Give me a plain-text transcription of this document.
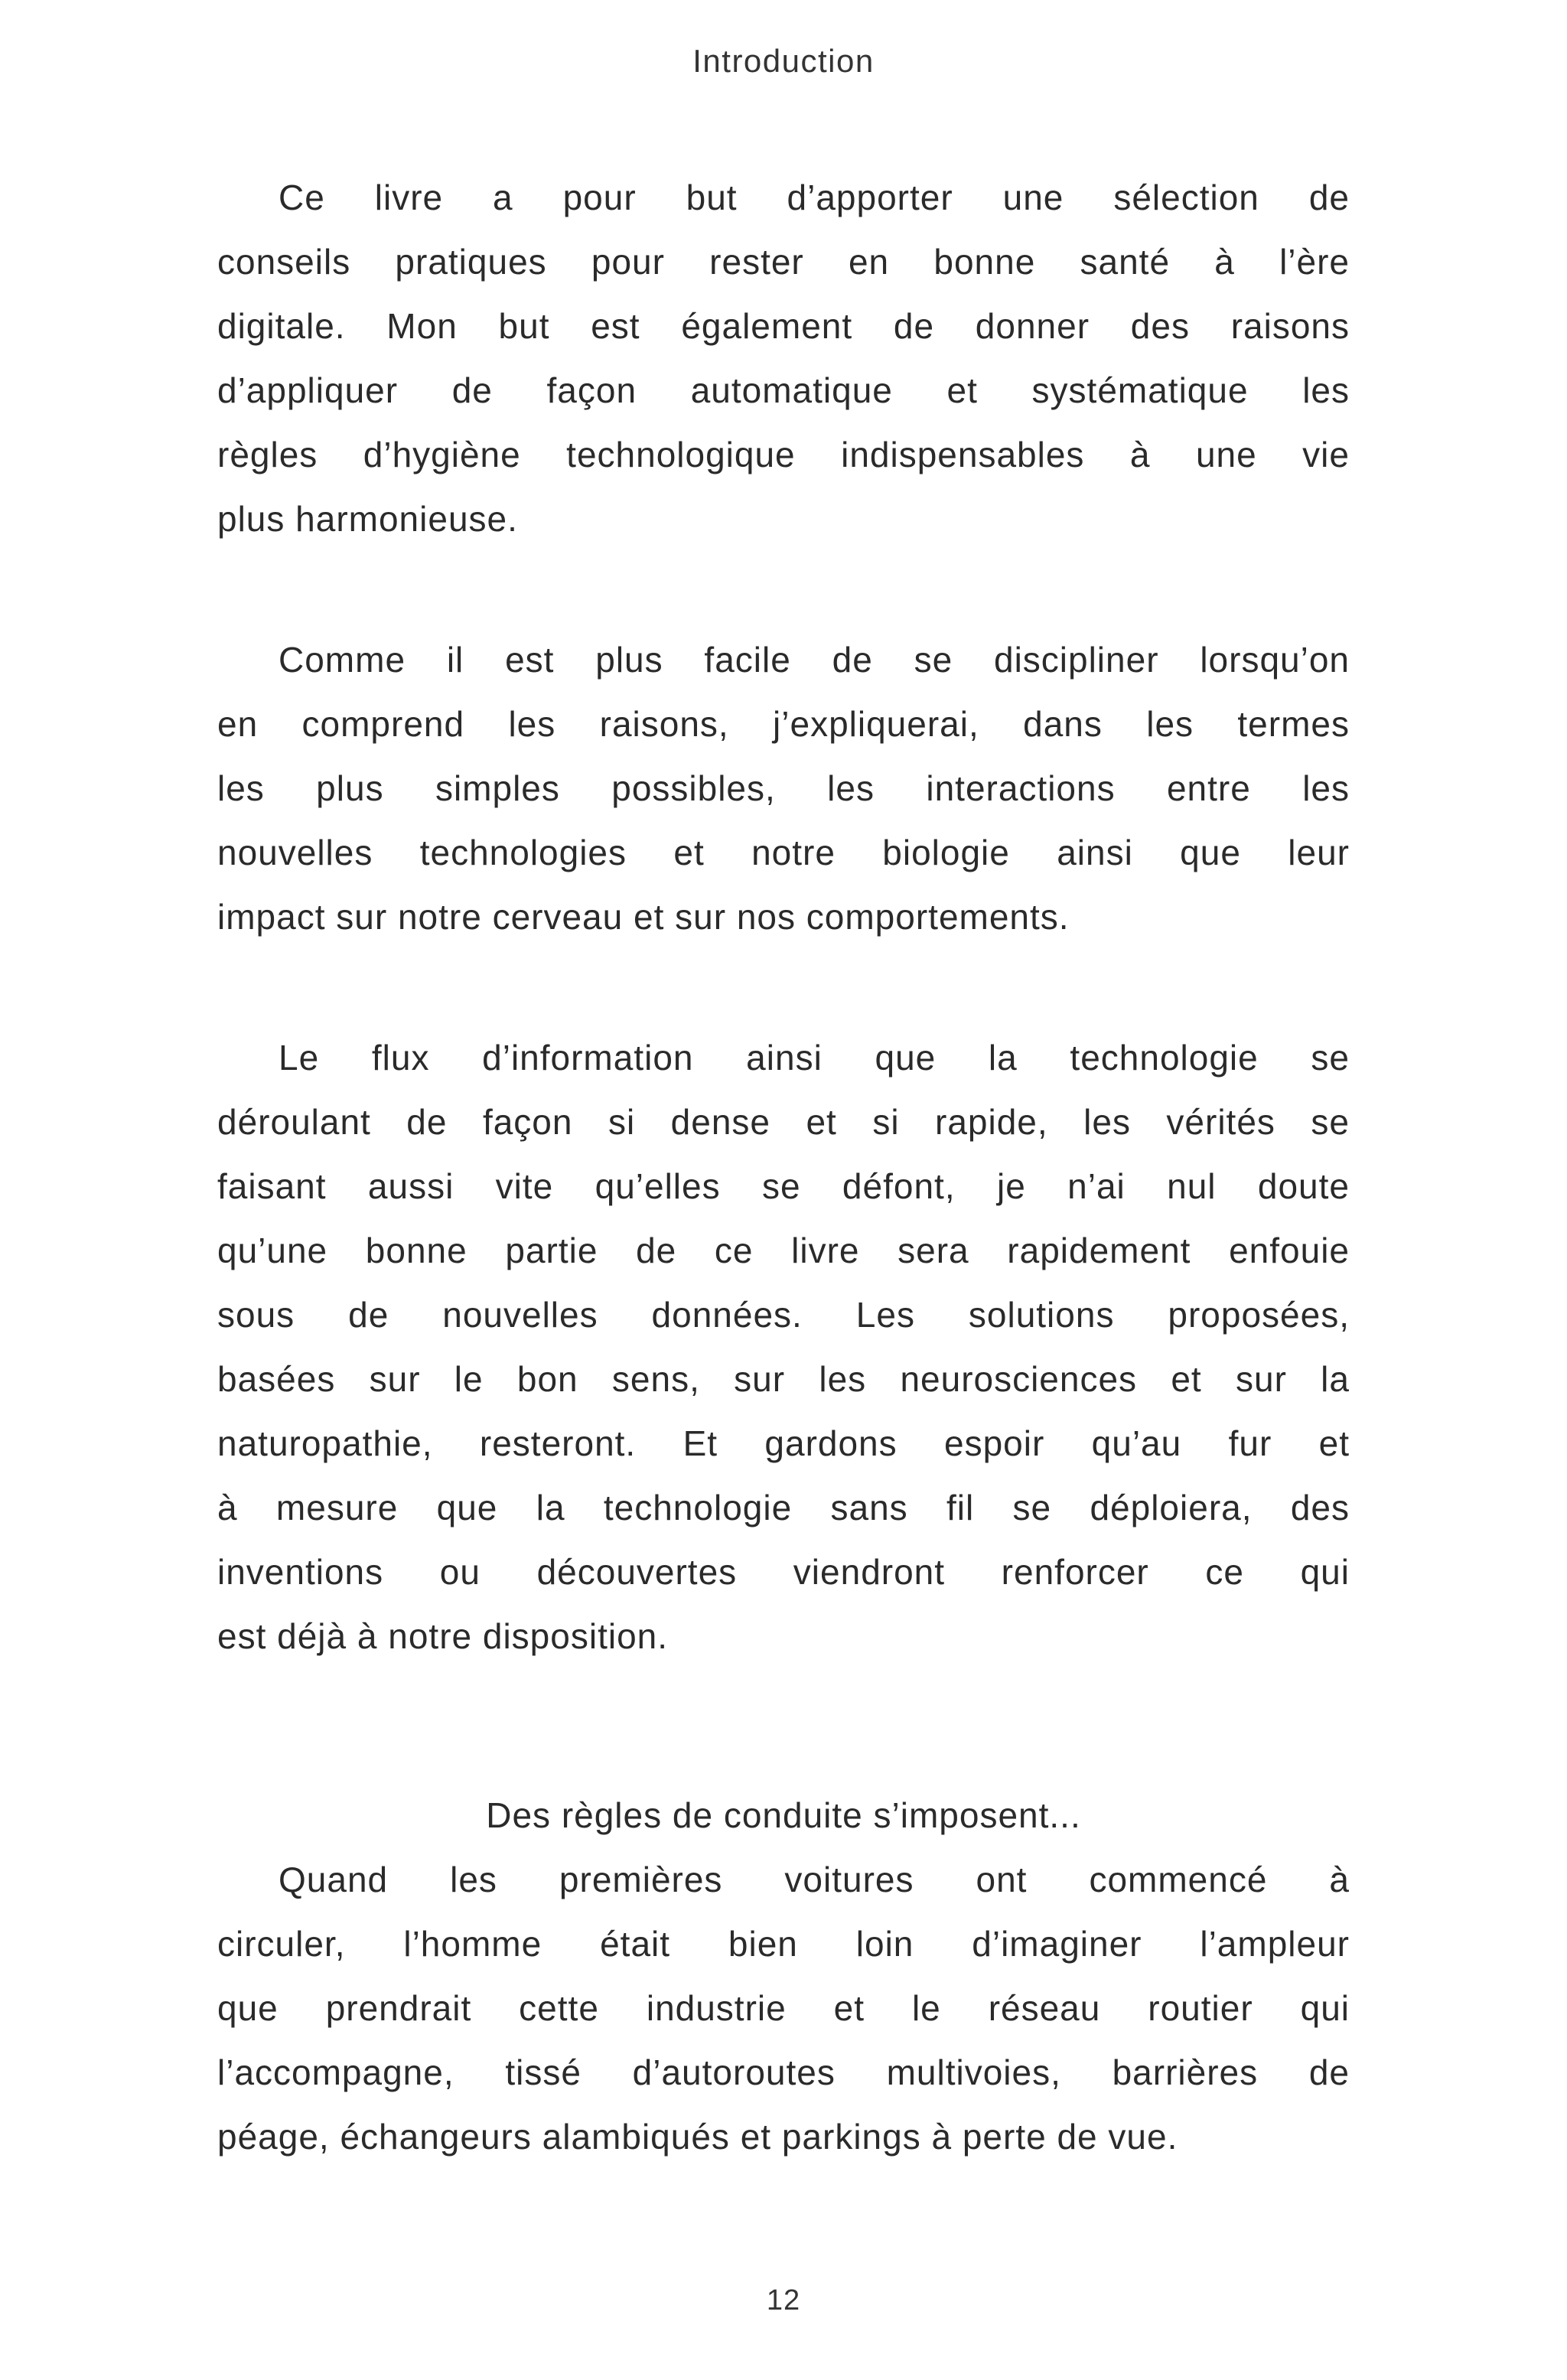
Introduction

Ce livre a pour but d’apporter une sélection de
conseils pratiques pour rester en bonne santé à l’ère
digitale. Mon but est également de donner des raisons
d’appliquer de façon automatique et systématique les
règles d’hygiène technologique indispensables à une vie
plus harmonieuse.

Comme il est plus facile de se discipliner lorsqu’on
en comprend les raisons, j’expliquerai, dans les termes
les plus simples possibles, les interactions entre les
nouvelles technologies et notre biologie ainsi que leur
impact sur notre cerveau et sur nos comportements.

Le flux d’information ainsi que la technologie se
déroulant de façon si dense et si rapide, les vérités se
faisant aussi vite qu’elles se défont, je n’ai nul doute
qu’une bonne partie de ce livre sera rapidement enfouie
sous de nouvelles données. Les solutions proposées,
basées sur le bon sens, sur les neurosciences et sur la
naturopathie, resteront. Et gardons espoir qu’au fur et
à mesure que la technologie sans fil se déploiera, des
inventions ou découvertes viendront renforcer ce qui
est déjà à notre disposition.

Des règles de conduite s’imposent...

Quand les premières voitures ont commencé à
circuler, l’homme était bien loin d’imaginer l’ampleur
que prendrait cette industrie et le réseau routier qui
l’accompagne, tissé d’autoroutes multivoies, barrières de
péage, échangeurs alambiqués et parkings à perte de vue.

12
